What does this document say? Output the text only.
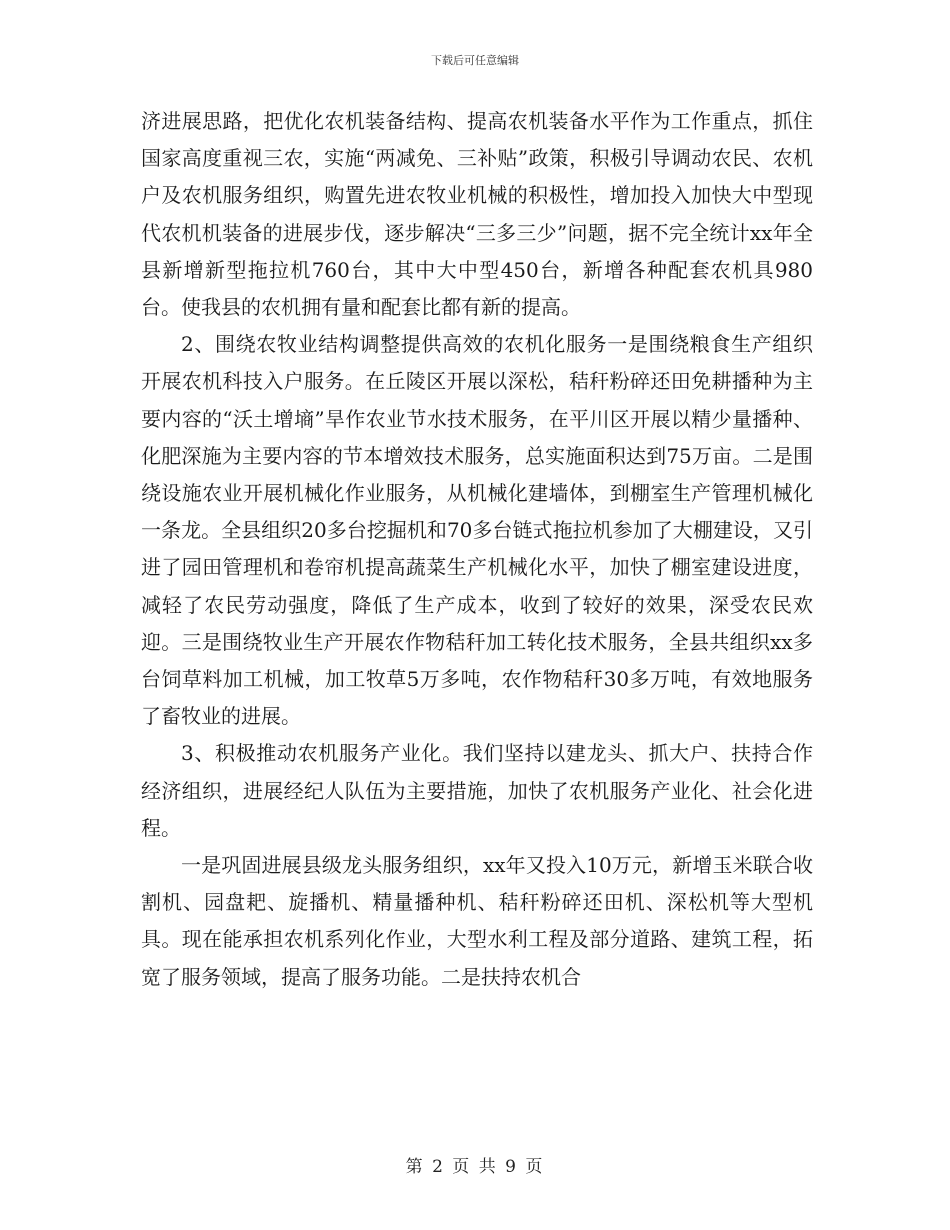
下载后可任意编辑

济进展思路，把优化农机装备结构、提高农机装备水平作为工作重点，抓住国家高度重视三农，实施“两减免、三补贴”政策，积极引导调动农民、农机户及农机服务组织，购置先进农牧业机械的积极性，增加投入加快大中型现代农机机装备的进展步伐，逐步解决“三多三少”问题，据不完全统计xx年全县新增新型拖拉机760台，其中大中型450台，新增各种配套农机具980台。使我县的农机拥有量和配套比都有新的提高。

2、围绕农牧业结构调整提供高效的农机化服务一是围绕粮食生产组织开展农机科技入户服务。在丘陵区开展以深松，秸秆粉碎还田免耕播种为主要内容的“沃土增墒”旱作农业节水技术服务，在平川区开展以精少量播种、化肥深施为主要内容的节本增效技术服务，总实施面积达到75万亩。二是围绕设施农业开展机械化作业服务，从机械化建墙体，到棚室生产管理机械化一条龙。全县组织20多台挖掘机和70多台链式拖拉机参加了大棚建设，又引进了园田管理机和卷帘机提高蔬菜生产机械化水平，加快了棚室建设进度，减轻了农民劳动强度，降低了生产成本，收到了较好的效果，深受农民欢迎。三是围绕牧业生产开展农作物秸秆加工转化技术服务，全县共组织xx多台饲草料加工机械，加工牧草5万多吨，农作物秸秆30多万吨，有效地服务了畜牧业的进展。

3、积极推动农机服务产业化。我们坚持以建龙头、抓大户、扶持合作经济组织，进展经纪人队伍为主要措施，加快了农机服务产业化、社会化进程。

一是巩固进展县级龙头服务组织，xx年又投入10万元，新增玉米联合收割机、园盘耙、旋播机、精量播种机、秸秆粉碎还田机、深松机等大型机具。现在能承担农机系列化作业，大型水利工程及部分道路、建筑工程，拓宽了服务领域，提高了服务功能。二是扶持农机合

第 2 页 共 9 页
